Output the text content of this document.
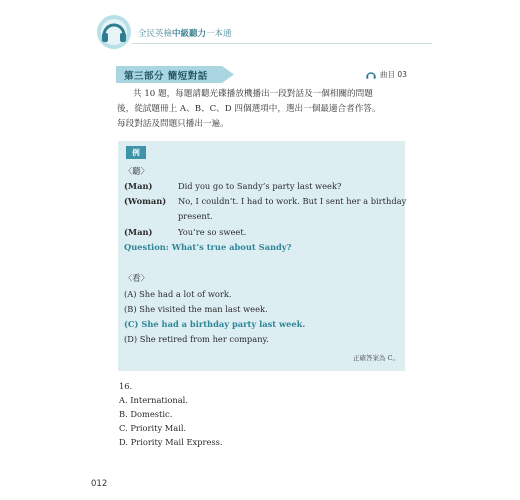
全民英檢中級聽力一本通
第三部分 簡短對話	曲目 03

共 10 題，每題請聽光碟播放機播出一段對話及一個相關的問題

後，從試題冊上 A、B、C、D 四個選項中，選出一個最適合者作答。

每段對話及問題只播出一遍。

例
〈聽〉
(Man)	Did you go to Sandy’s party last week?
(Woman) No, I couldn’t. I had to work. But I sent her a birthday
present.
(Man)	You’re so sweet.
Question: What’s true about Sandy?
〈看〉
(A) She had a lot of work.
(B) She visited the man last week.
(C) She had a birthday party last week.
(D) She retired from her company.
正確答案為 C。
16.
A. International.
B. Domestic.
C. Priority Mail.
D. Priority Mail Express.
012
